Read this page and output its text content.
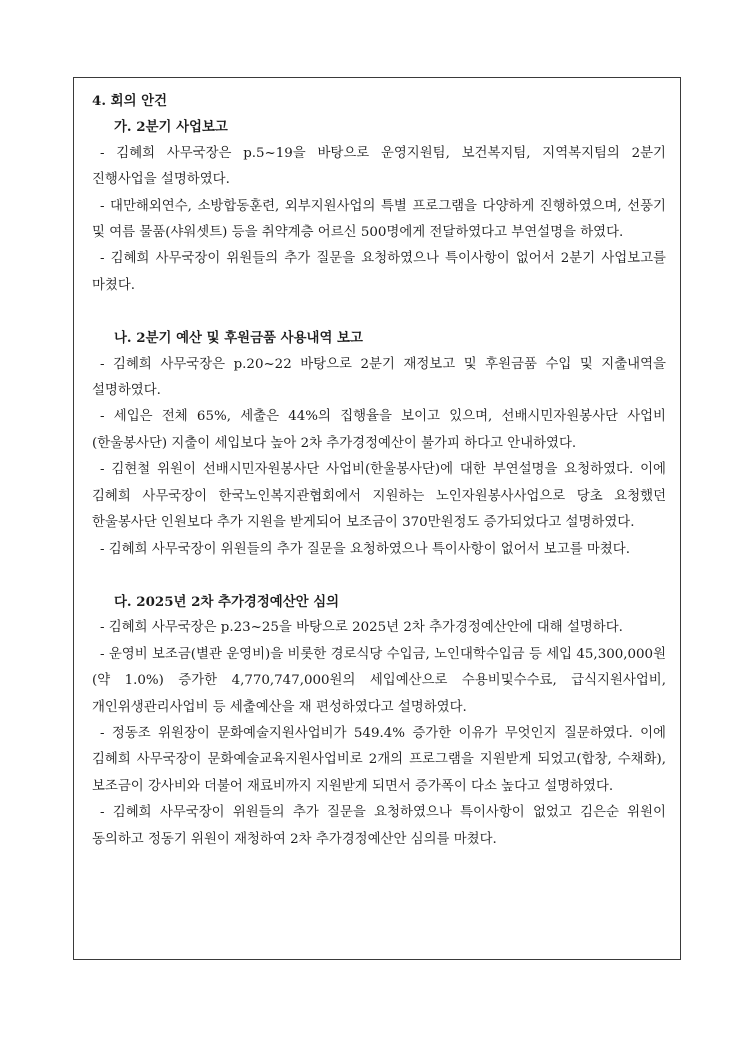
4. 회의 안건

가. 2분기 사업보고

- 김혜희 사무국장은 p.5~19을 바탕으로 운영지원팀, 보건복지팀, 지역복지팀의 2분기 진행사업을 설명하였다.

- 대만해외연수, 소방합동훈련, 외부지원사업의 특별 프로그램을 다양하게 진행하였으며, 선풍기 및 여름 물품(샤워셋트) 등을 취약계층 어르신 500명에게 전달하였다고 부연설명을 하였다.

- 김혜희 사무국장이 위원들의 추가 질문을 요청하였으나 특이사항이 없어서 2분기 사업보고를 마쳤다.

나. 2분기 예산 및 후원금품 사용내역 보고

- 김혜희 사무국장은 p.20~22 바탕으로 2분기 재정보고 및 후원금품 수입 및 지출내역을 설명하였다.

- 세입은 전체 65%, 세출은 44%의 집행율을 보이고 있으며, 선배시민자원봉사단 사업비(한울봉사단) 지출이 세입보다 높아 2차 추가경정예산이 불가피 하다고 안내하였다.

- 김현철 위원이 선배시민자원봉사단 사업비(한울봉사단)에 대한 부연설명을 요청하였다. 이에 김혜희 사무국장이 한국노인복지관협회에서 지원하는 노인자원봉사사업으로 당초 요청했던 한울봉사단 인원보다 추가 지원을 받게되어 보조금이 370만원정도 증가되었다고 설명하였다.

- 김혜희 사무국장이 위원들의 추가 질문을 요청하였으나 특이사항이 없어서 보고를 마쳤다.

다. 2025년 2차 추가경정예산안 심의

- 김혜희 사무국장은 p.23~25을 바탕으로 2025년 2차 추가경정예산안에 대해 설명하다.

- 운영비 보조금(별관 운영비)을 비롯한 경로식당 수입금, 노인대학수입금 등 세입 45,300,000원(약 1.0%) 증가한 4,770,747,000원의 세입예산으로 수용비및수수료, 급식지원사업비, 개인위생관리사업비 등 세출예산을 재 편성하였다고 설명하였다.

- 정동조 위원장이 문화예술지원사업비가 549.4% 증가한 이유가 무엇인지 질문하였다. 이에 김혜희 사무국장이 문화예술교육지원사업비로 2개의 프로그램을 지원받게 되었고(합창, 수채화), 보조금이 강사비와 더불어 재료비까지 지원받게 되면서 증가폭이 다소 높다고 설명하였다.

- 김혜희 사무국장이 위원들의 추가 질문을 요청하였으나 특이사항이 없었고 김은순 위원이 동의하고 정동기 위원이 재청하여 2차 추가경정예산안 심의를 마쳤다.
